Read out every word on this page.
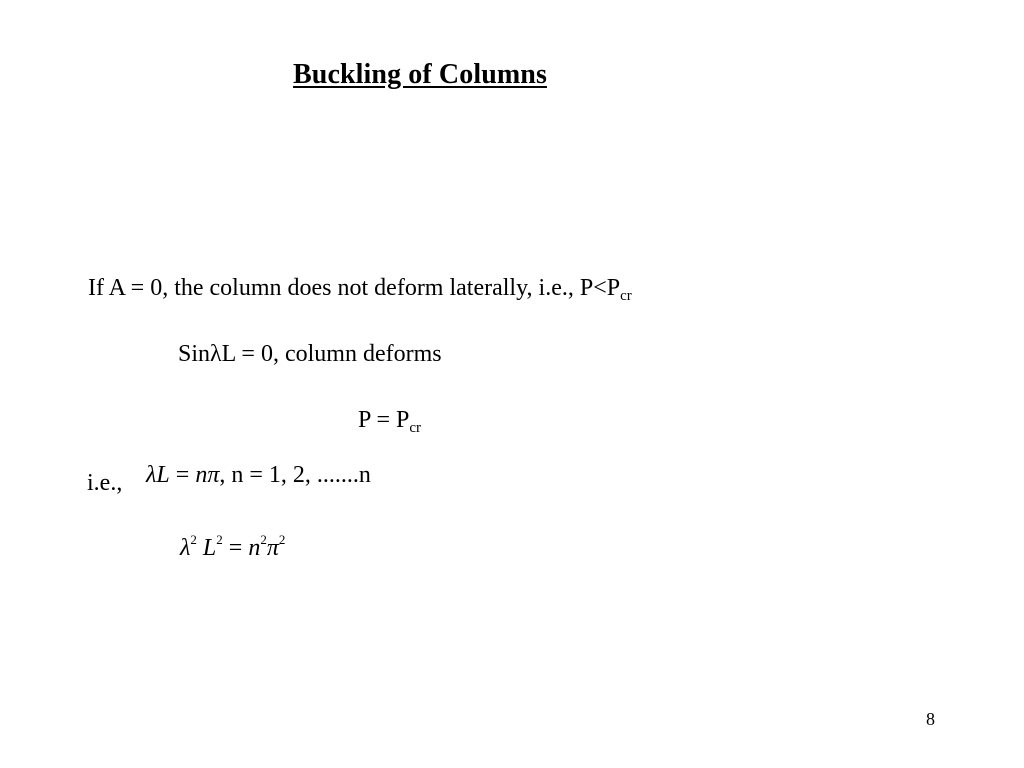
Buckling of Columns
If A = 0, the column does not deform laterally, i.e., $P<P_{cr}$
SinλL = 0, column deforms
$P = P_{cr}$
i.e., λL = nπ, n = 1, 2, .......n
$\lambda^2$ $L^2 = n^2\pi^2$
8
